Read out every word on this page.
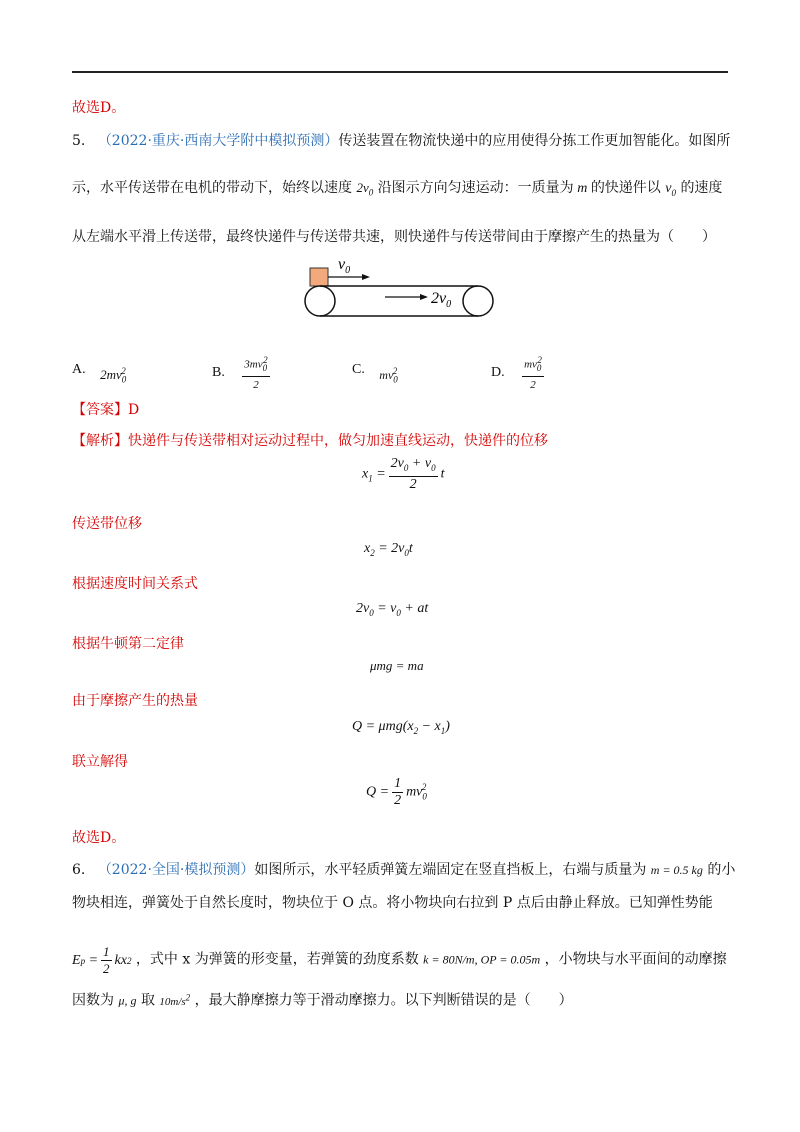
故选D。
5. （2022·重庆·西南大学附中模拟预测）传送装置在物流快递中的应用使得分拣工作更加智能化。如图所
示，水平传送带在电机的带动下，始终以速度 $2v_0$ 沿图示方向匀速运动：一质量为 m 的快递件以 $v_0$ 的速度
从左端水平滑上传送带，最终快递件与传送带共速，则快递件与传送带间由于摩擦产生的热量为（　　）
$v_0$
$2v_0$
A. $2mv_0^2$	B. $\frac{3mv_0^2}{2}$	C. $mv_0^2$	D. $\frac{mv_0^2}{2}$
【答案】D
【解析】快递件与传送带相对运动过程中，做匀加速直线运动，快递件的位移
$x_1 = \frac{2v_0 + v_0}{2}$ t
传送带位移
$x_2 = 2v_0t$
根据速度时间关系式
$2v_0 = v_0$ + at
根据牛顿第二定律
μmg = ma
由于摩擦产生的热量
$Q = \mu mg(x_2 - x_1)$
联立解得
$Q = \frac{1}{2} mv_0^2$
故选D。
6. （2022·全国·模拟预测）如图所示，水平轻质弹簧左端固定在竖直挡板上，右端与质量为 m = 0.5 kg 的小
物块相连，弹簧处于自然长度时，物块位于 O 点。将小物块向右拉到 P 点后由静止释放。已知弹性势能
E $p = \frac{1}{2}$ kx 2 ，式中 x 为弹簧的形变量，若弹簧的劲度系数 k = 80N/m, OP = 0.05m ，小物块与水平面间的动摩擦
因数为 μ, g 取 $10m/s^2$ ，最大静摩擦力等于滑动摩擦力。以下判断错误的是（　　）
